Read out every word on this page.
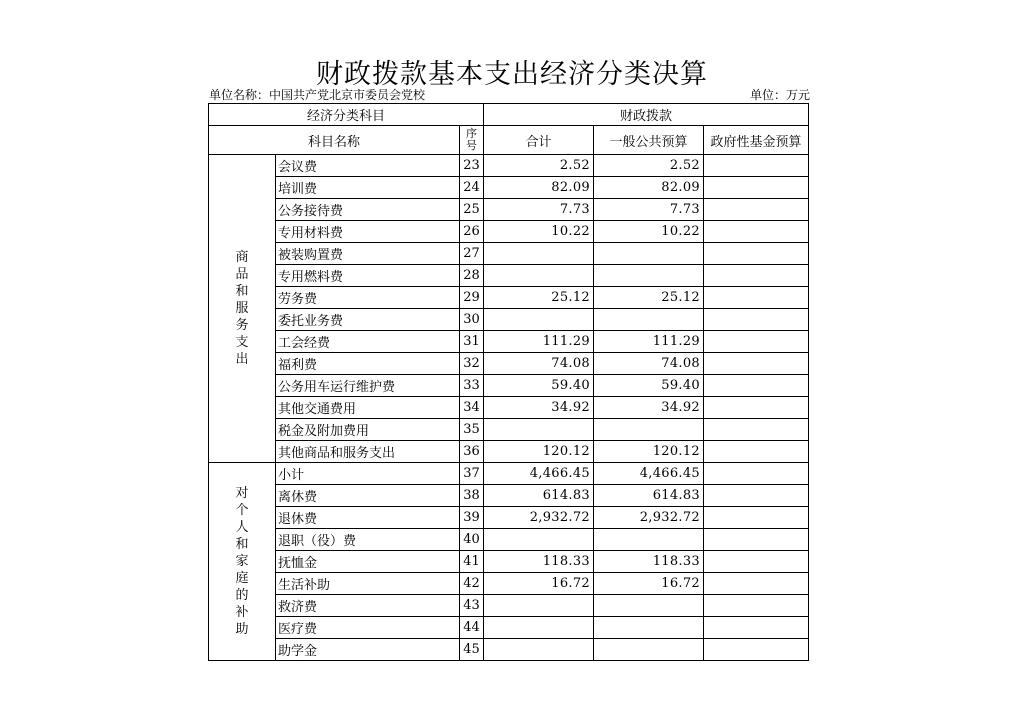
财政拨款基本支出经济分类决算
单位名称：中国共产党北京市委员会党校	单位：万元
经济分类科目			财政拨款		
科目名称		序号	合计	一般公共预算	政府性基金预算
商品和服务支出	会议费	23	2.52	2.52	
	培训费	24	82.09	82.09	
	公务接待费	25	7.73	7.73	
	专用材料费	26	10.22	10.22	
	被装购置费	27			
	专用燃料费	28			
	劳务费	29	25.12	25.12	
	委托业务费	30			
	工会经费	31	111.29	111.29	
	福利费	32	74.08	74.08	
	公务用车运行维护费	33	59.40	59.40	
	其他交通费用	34	34.92	34.92	
	税金及附加费用	35			
	其他商品和服务支出	36	120.12	120.12	
对个人和家庭的补助	小计	37	4,466.45	4,466.45	
	离休费	38	614.83	614.83	
	退休费	39	2,932.72	2,932.72	
	退职（役）费	40			
	抚恤金	41	118.33	118.33	
	生活补助	42	16.72	16.72	
	救济费	43			
	医疗费	44			
	助学金	45			
